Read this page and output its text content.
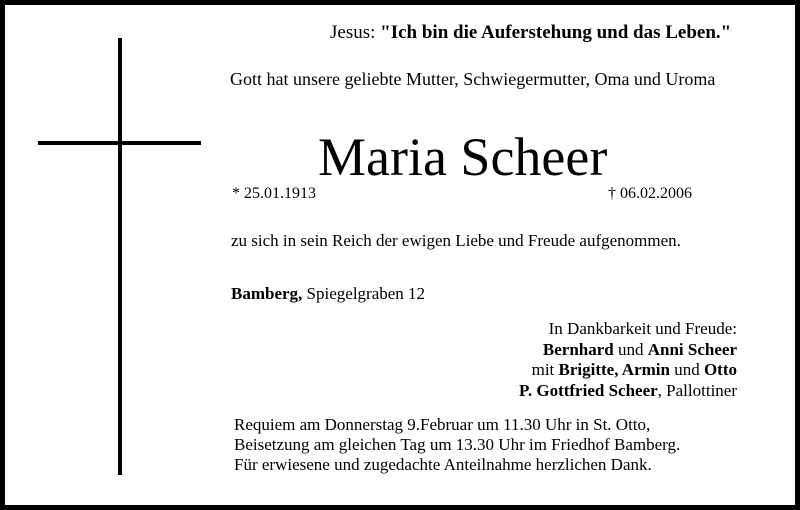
Jesus: "Ich bin die Auferstehung und das Leben."
Gott hat unsere geliebte Mutter, Schwiegermutter, Oma und Uroma
Maria Scheer
* 25.01.1913	† 06.02.2006
zu sich in sein Reich der ewigen Liebe und Freude aufgenommen.
Bamberg, Spiegelgraben 12
In Dankbarkeit und Freude:
Bernhard und Anni Scheer
mit Brigitte, Armin und Otto
P. Gottfried Scheer, Pallottiner
Requiem am Donnerstag 9.Februar um 11.30 Uhr in St. Otto,
Beisetzung am gleichen Tag um 13.30 Uhr im Friedhof Bamberg.
Für erwiesene und zugedachte Anteilnahme herzlichen Dank.
